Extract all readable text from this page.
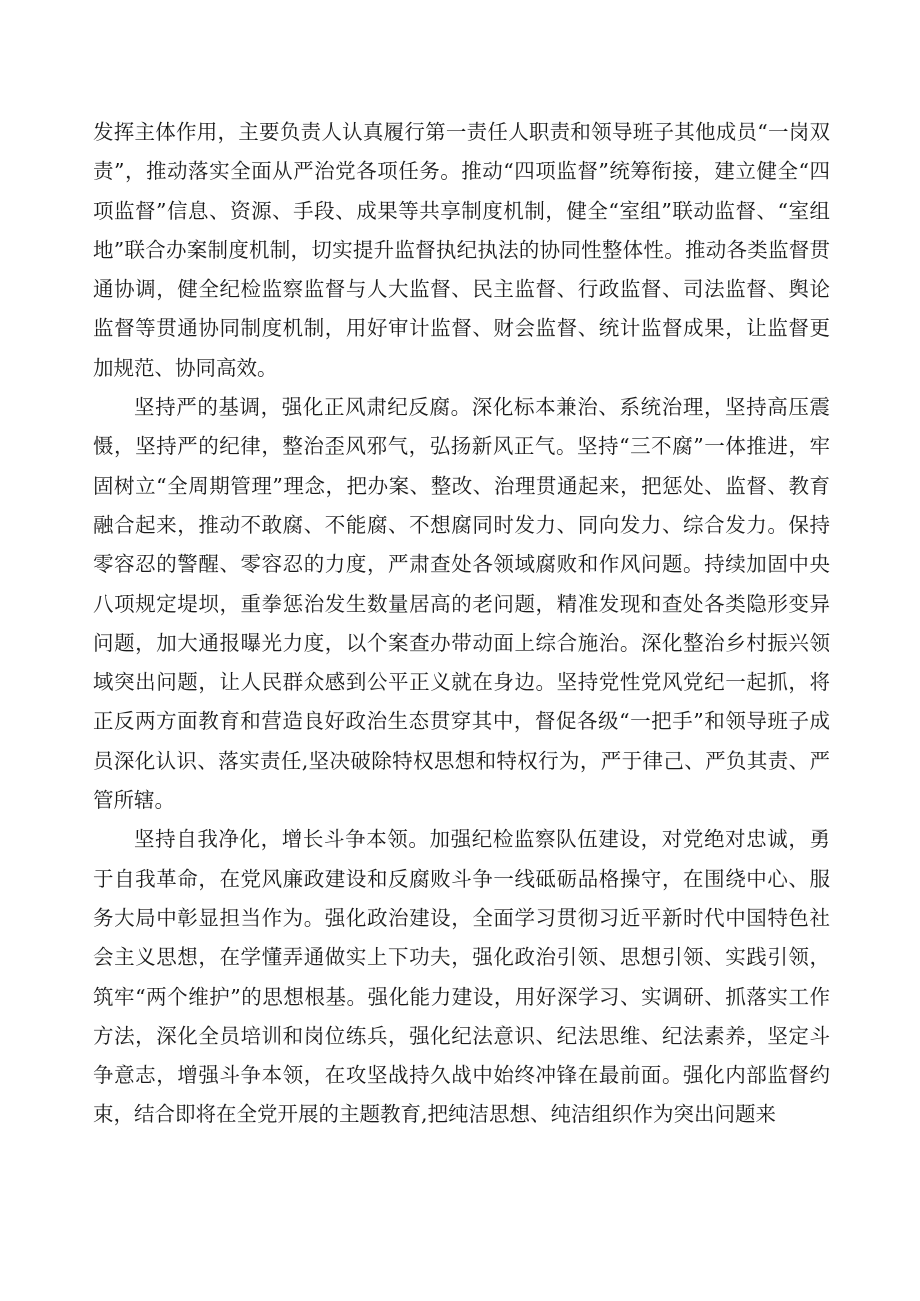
发挥主体作用，主要负责人认真履行第一责任人职责和领导班子其他成员“一岗双责”，推动落实全面从严治党各项任务。推动“四项监督”统筹衔接，建立健全“四项监督”信息、资源、手段、成果等共享制度机制，健全“室组”联动监督、“室组地”联合办案制度机制，切实提升监督执纪执法的协同性整体性。推动各类监督贯通协调，健全纪检监察监督与人大监督、民主监督、行政监督、司法监督、舆论监督等贯通协同制度机制，用好审计监督、财会监督、统计监督成果，让监督更加规范、协同高效。

坚持严的基调，强化正风肃纪反腐。深化标本兼治、系统治理，坚持高压震慑，坚持严的纪律，整治歪风邪气，弘扬新风正气。坚持“三不腐”一体推进，牢固树立“全周期管理”理念，把办案、整改、治理贯通起来，把惩处、监督、教育融合起来，推动不敢腐、不能腐、不想腐同时发力、同向发力、综合发力。保持零容忍的警醒、零容忍的力度，严肃查处各领域腐败和作风问题。持续加固中央八项规定堤坝，重拳惩治发生数量居高的老问题，精准发现和查处各类隐形变异问题，加大通报曝光力度，以个案查办带动面上综合施治。深化整治乡村振兴领域突出问题，让人民群众感到公平正义就在身边。坚持党性党风党纪一起抓，将正反两方面教育和营造良好政治生态贯穿其中，督促各级“一把手”和领导班子成员深化认识、落实责任,坚决破除特权思想和特权行为，严于律己、严负其责、严管所辖。

坚持自我净化，增长斗争本领。加强纪检监察队伍建设，对党绝对忠诚，勇于自我革命，在党风廉政建设和反腐败斗争一线砥砺品格操守，在围绕中心、服务大局中彰显担当作为。强化政治建设，全面学习贯彻习近平新时代中国特色社会主义思想，在学懂弄通做实上下功夫，强化政治引领、思想引领、实践引领，筑牢“两个维护”的思想根基。强化能力建设，用好深学习、实调研、抓落实工作方法，深化全员培训和岗位练兵，强化纪法意识、纪法思维、纪法素养，坚定斗争意志，增强斗争本领，在攻坚战持久战中始终冲锋在最前面。强化内部监督约束，结合即将在全党开展的主题教育,把纯洁思想、纯洁组织作为突出问题来
